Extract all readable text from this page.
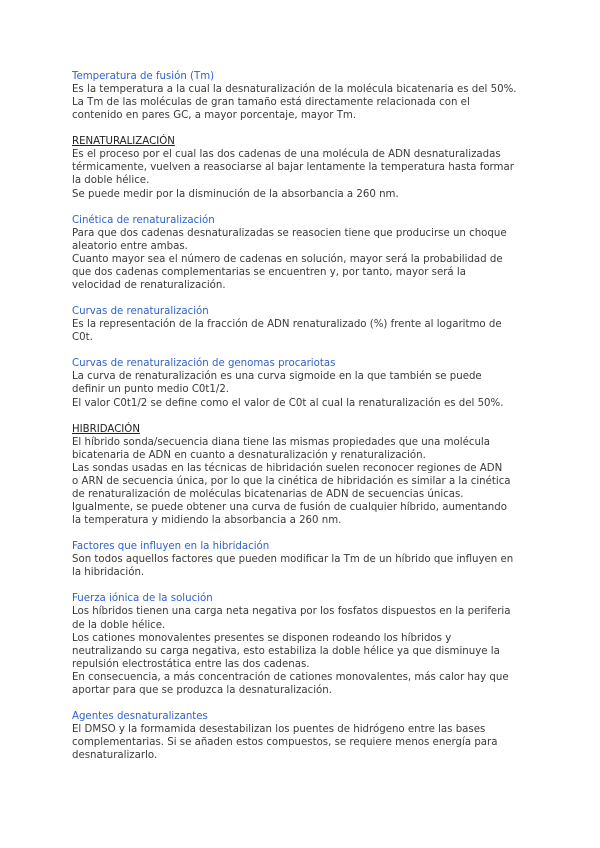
Temperatura de fusión (Tm)
Es la temperatura a la cual la desnaturalización de la molécula bicatenaria es del 50%.
La Tm de las moléculas de gran tamaño está directamente relacionada con el
contenido en pares GC, a mayor porcentaje, mayor Tm.
RENATURALIZACIÓN
Es el proceso por el cual las dos cadenas de una molécula de ADN desnaturalizadas
térmicamente, vuelven a reasociarse al bajar lentamente la temperatura hasta formar
la doble hélice.
Se puede medir por la disminución de la absorbancia a 260 nm.
Cinética de renaturalización
Para que dos cadenas desnaturalizadas se reasocien tiene que producirse un choque
aleatorio entre ambas.
Cuanto mayor sea el número de cadenas en solución, mayor será la probabilidad de
que dos cadenas complementarias se encuentren y, por tanto, mayor será la
velocidad de renaturalización.
Curvas de renaturalización
Es la representación de la fracción de ADN renaturalizado (%) frente al logaritmo de
C0t.
Curvas de renaturalización de genomas procariotas
La curva de renaturalización es una curva sigmoide en la que también se puede
definir un punto medio C0t1/2.
El valor C0t1/2 se define como el valor de C0t al cual la renaturalización es del 50%.
HIBRIDACIÓN
El híbrido sonda/secuencia diana tiene las mismas propiedades que una molécula
bicatenaria de ADN en cuanto a desnaturalización y renaturalización.
Las sondas usadas en las técnicas de hibridación suelen reconocer regiones de ADN
o ARN de secuencia única, por lo que la cinética de hibridación es similar a la cinética
de renaturalización de moléculas bicatenarias de ADN de secuencias únicas.
Igualmente, se puede obtener una curva de fusión de cualquier híbrido, aumentando
la temperatura y midiendo la absorbancia a 260 nm.
Factores que influyen en la hibridación
Son todos aquellos factores que pueden modificar la Tm de un híbrido que influyen en
la hibridación.
Fuerza iónica de la solución
Los híbridos tienen una carga neta negativa por los fosfatos dispuestos en la periferia
de la doble hélice.
Los cationes monovalentes presentes se disponen rodeando los híbridos y
neutralizando su carga negativa, esto estabiliza la doble hélice ya que disminuye la
repulsión electrostática entre las dos cadenas.
En consecuencia, a más concentración de cationes monovalentes, más calor hay que
aportar para que se produzca la desnaturalización.
Agentes desnaturalizantes
El DMSO y la formamida desestabilizan los puentes de hidrógeno entre las bases
complementarias. Si se añaden estos compuestos, se requiere menos energía para
desnaturalizarlo.
